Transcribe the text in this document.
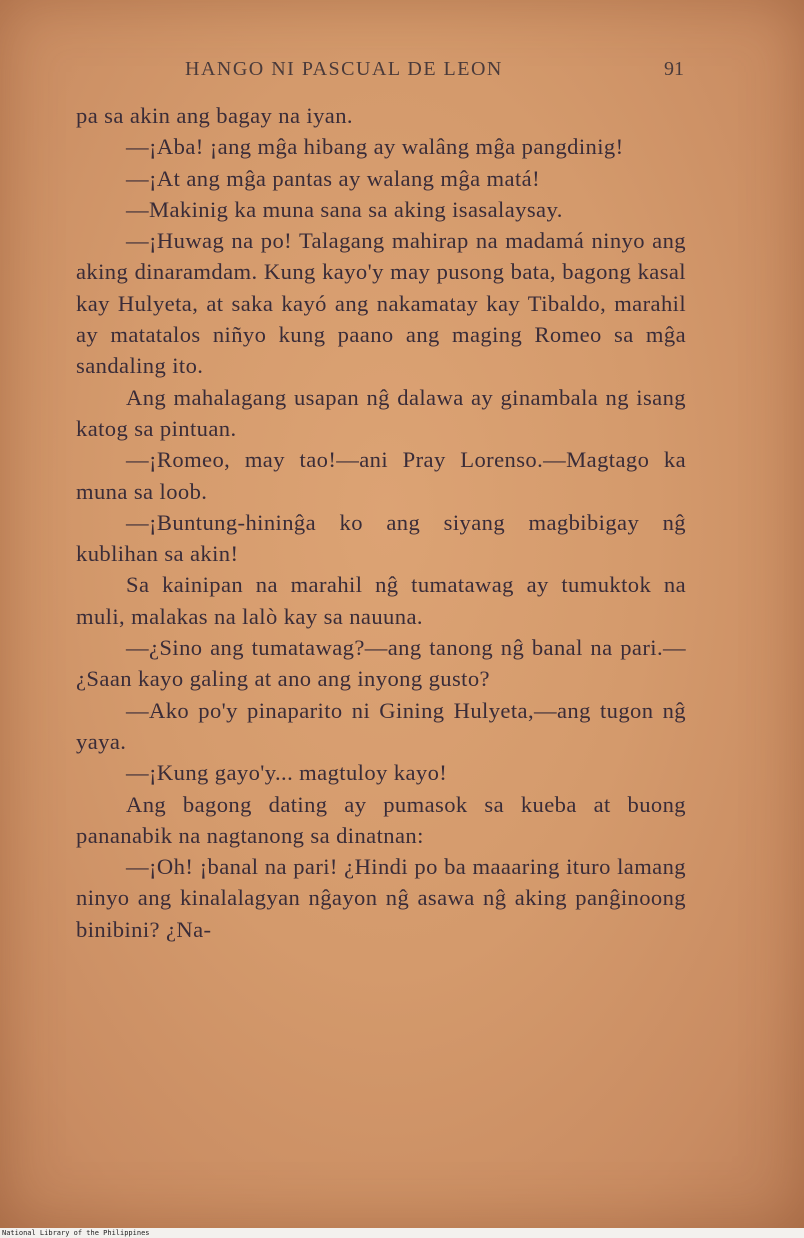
HANGO NI PASCUAL DE LEON	91

pa sa akin ang bagay na iyan.

—¡Aba! ¡ang mĝa hibang ay walâng mĝa pangdinig!

—¡At ang mĝa pantas ay walang mĝa matá!

—Makinig ka muna sana sa aking isasalaysay.

—¡Huwag na po! Talagang mahirap na madamá ninyo ang aking dinaramdam. Kung kayo'y may pusong bata, bagong kasal kay Hulyeta, at saka kayó ang nakamatay kay Tibaldo, marahil ay matatalos niñyo kung paano ang maging Romeo sa mĝa sandaling ito.

Ang mahalagang usapan nĝ dalawa ay ginambala ng isang katog sa pintuan.

—¡Romeo, may tao!—ani Pray Lorenso.—Magtago ka muna sa loob.

—¡Buntung-hininĝa ko ang siyang magbibigay nĝ kublihan sa akin!

Sa kainipan na marahil nĝ tumatawag ay tumuktok na muli, malakas na lalò kay sa nauuna.

—¿Sino ang tumatawag?—ang tanong nĝ banal na pari.—¿Saan kayo galing at ano ang inyong gusto?

—Ako po'y pinaparito ni Gining Hulyeta,—ang tugon nĝ yaya.

—¡Kung gayo'y... magtuloy kayo!

Ang bagong dating ay pumasok sa kueba at buong pananabik na nagtanong sa dinatnan:

—¡Oh! ¡banal na pari! ¿Hindi po ba maaaring ituro lamang ninyo ang kinalalagyan nĝayon nĝ asawa nĝ aking panĝinoong binibini? ¿Na-

National Library of the Philippines
